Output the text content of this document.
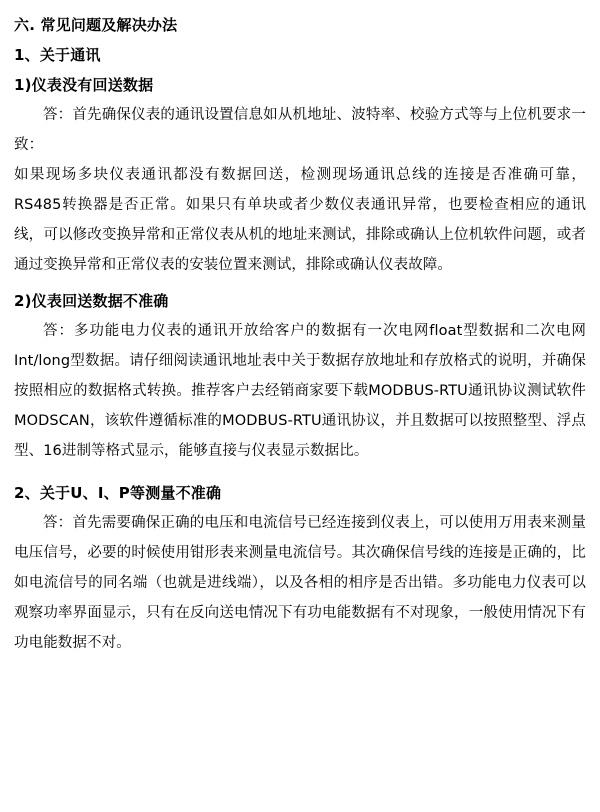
六. 常见问题及解决办法
1、关于通讯
1)仪表没有回送数据
答：首先确保仪表的通讯设置信息如从机地址、波特率、校验方式等与上位机要求一致：
如果现场多块仪表通讯都没有数据回送，检测现场通讯总线的连接是否准确可靠，RS485转换器是否正常。如果只有单块或者少数仪表通讯异常，也要检查相应的通讯线，可以修改变换异常和正常仪表从机的地址来测试，排除或确认上位机软件问题，或者通过变换异常和正常仪表的安装位置来测试，排除或确认仪表故障。
2)仪表回送数据不准确
答：多功能电力仪表的通讯开放给客户的数据有一次电网float型数据和二次电网Int/long型数据。请仔细阅读通讯地址表中关于数据存放地址和存放格式的说明，并确保按照相应的数据格式转换。推荐客户去经销商家要下载MODBUS-RTU通讯协议测试软件MODSCAN，该软件遵循标准的MODBUS-RTU通讯协议，并且数据可以按照整型、浮点型、16进制等格式显示，能够直接与仪表显示数据比。
2、关于U、I、P等测量不准确
答：首先需要确保正确的电压和电流信号已经连接到仪表上，可以使用万用表来测量电压信号，必要的时候使用钳形表来测量电流信号。其次确保信号线的连接是正确的，比如电流信号的同名端（也就是进线端），以及各相的相序是否出错。多功能电力仪表可以观察功率界面显示，只有在反向送电情况下有功电能数据有不对现象，一般使用情况下有功电能数据不对。
